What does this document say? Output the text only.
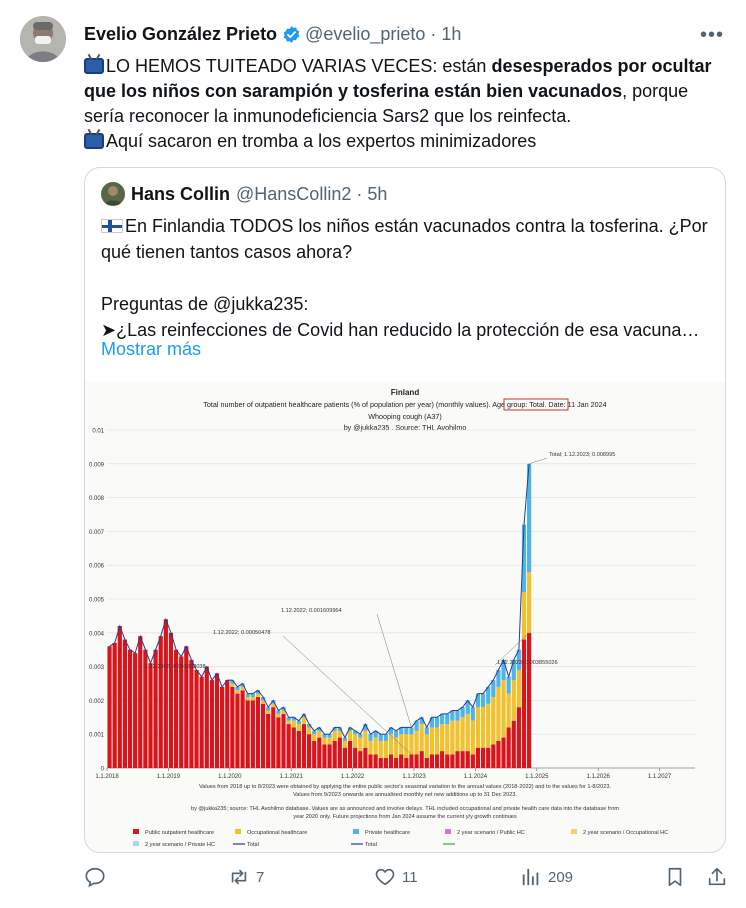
Evelio González Prieto @evelio_prieto · 1h	•••
LO HEMOS TUITEADO VARIAS VECES: están desesperados por ocultar que los niños con sarampión y tosferina están bien vacunados, porque sería reconocer la inmunodeficiencia Sars2 que los reinfecta.
Aquí sacaron en tromba a los expertos minimizadores
Hans Collin @HansCollin2 · 5h
En Finlandia TODOS los niños están vacunados contra la tosferina. ¿Por qué tienen tantos casos ahora?

Preguntas de @jukka235:
➤¿Las reinfecciones de Covid han reducido la protección de esa vacuna…
Mostrar más
Finland
Total number of outpatient healthcare patients (% of population per year) (monthly values). Age group: Total. Date: 11 Jan 2024
Whooping cough (A37)
by @jukka235 . Source: THL Avohilmo
0
0.001
0.002
0.003
0.004
0.005
0.006
0.007
0.008
0.009
0.01
1.1.2018	1.1.2019	1.1.2020	1.1.2021	1.1.2022	1.1.2023	1.1.2024	1.1.2025	1.1.2026	1.1.2027
Total; 1.12.2023; 0.008995
1.12.2022; 0.001609964
1.12.2022; 0.00050478
1.12.2023; 0.003855026
1.12.2023; 0.001803038
Values from 2018 up to 8/2023 were obtained by applying the entire public sector's seasonal variation to the annual values (2018-2022) and to the values for 1-8/2023.
Values from 9/2023 onwards are annualised monthly net new additions up to 31 Dec 2023.
by @jukka235; source: THL Avohilmo database. Values are as announced and involve delays. THL included occupational and private health care data into the database from
year 2020 only. Future projections from Jan 2024 assume the current y/y growth continues
Public outpatient healthcare	Occupational healthcare	Private healthcare	2 year scenario / Public HC	2 year scenario / Occupational HC
2 year scenario / Private HC	Total	Total
7	11	209
